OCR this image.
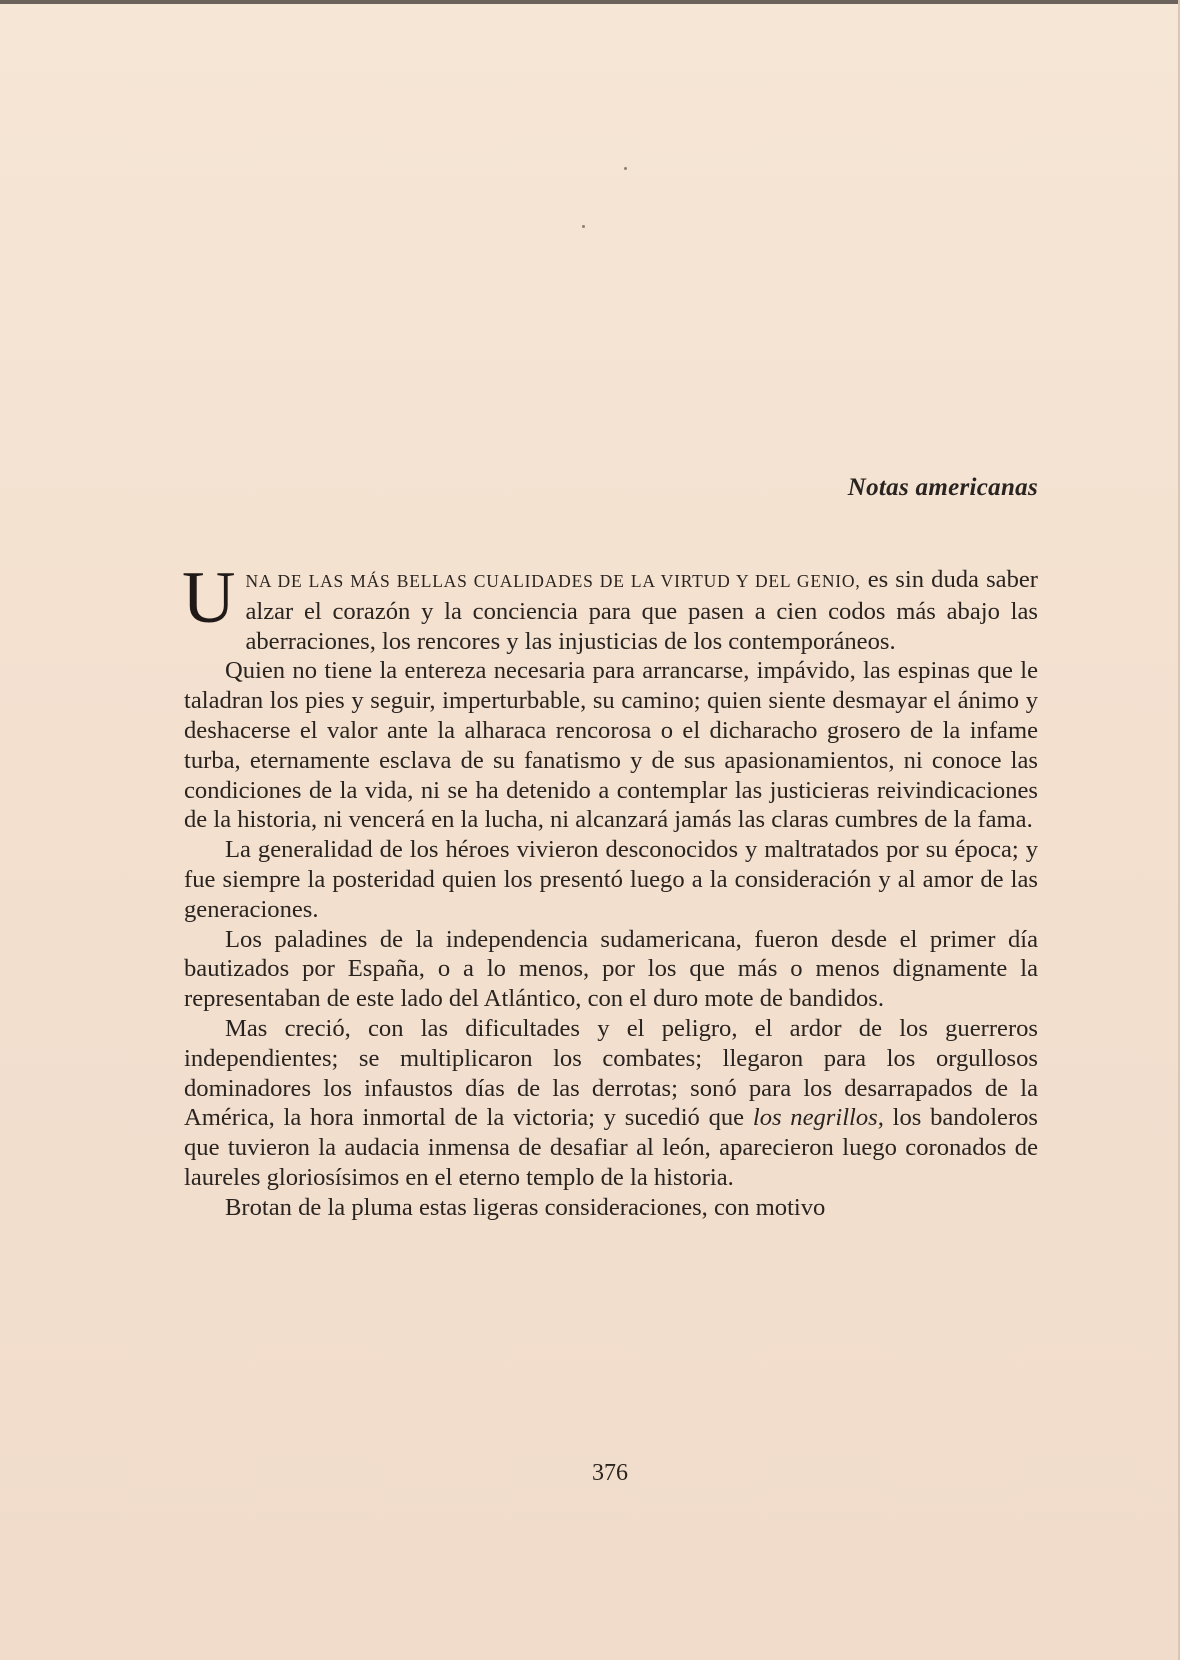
Notas americanas

UNA DE LAS MÁS BELLAS CUALIDADES DE LA VIRTUD Y DEL GENIO, es sin duda saber alzar el corazón y la conciencia para que pasen a cien codos más abajo las aberraciones, los rencores y las injusticias de los contemporáneos.

Quien no tiene la entereza necesaria para arrancarse, impávido, las espinas que le taladran los pies y seguir, imperturbable, su camino; quien siente desmayar el ánimo y deshacerse el valor ante la alharaca rencorosa o el dicharacho grosero de la infame turba, eternamente esclava de su fanatismo y de sus apasionamientos, ni conoce las condiciones de la vida, ni se ha detenido a contemplar las justicieras reivindicaciones de la historia, ni vencerá en la lucha, ni alcanzará jamás las claras cumbres de la fama.

La generalidad de los héroes vivieron desconocidos y maltratados por su época; y fue siempre la posteridad quien los presentó luego a la consideración y al amor de las generaciones.

Los paladines de la independencia sudamericana, fueron desde el primer día bautizados por España, o a lo menos, por los que más o menos dignamente la representaban de este lado del Atlántico, con el duro mote de bandidos.

Mas creció, con las dificultades y el peligro, el ardor de los guerreros independientes; se multiplicaron los combates; llegaron para los orgullosos dominadores los infaustos días de las derrotas; sonó para los desarrapados de la América, la hora inmortal de la victoria; y sucedió que los negrillos, los bandoleros que tuvieron la audacia inmensa de desafiar al león, aparecieron luego coronados de laureles gloriosísimos en el eterno templo de la historia.

Brotan de la pluma estas ligeras consideraciones, con motivo

376
